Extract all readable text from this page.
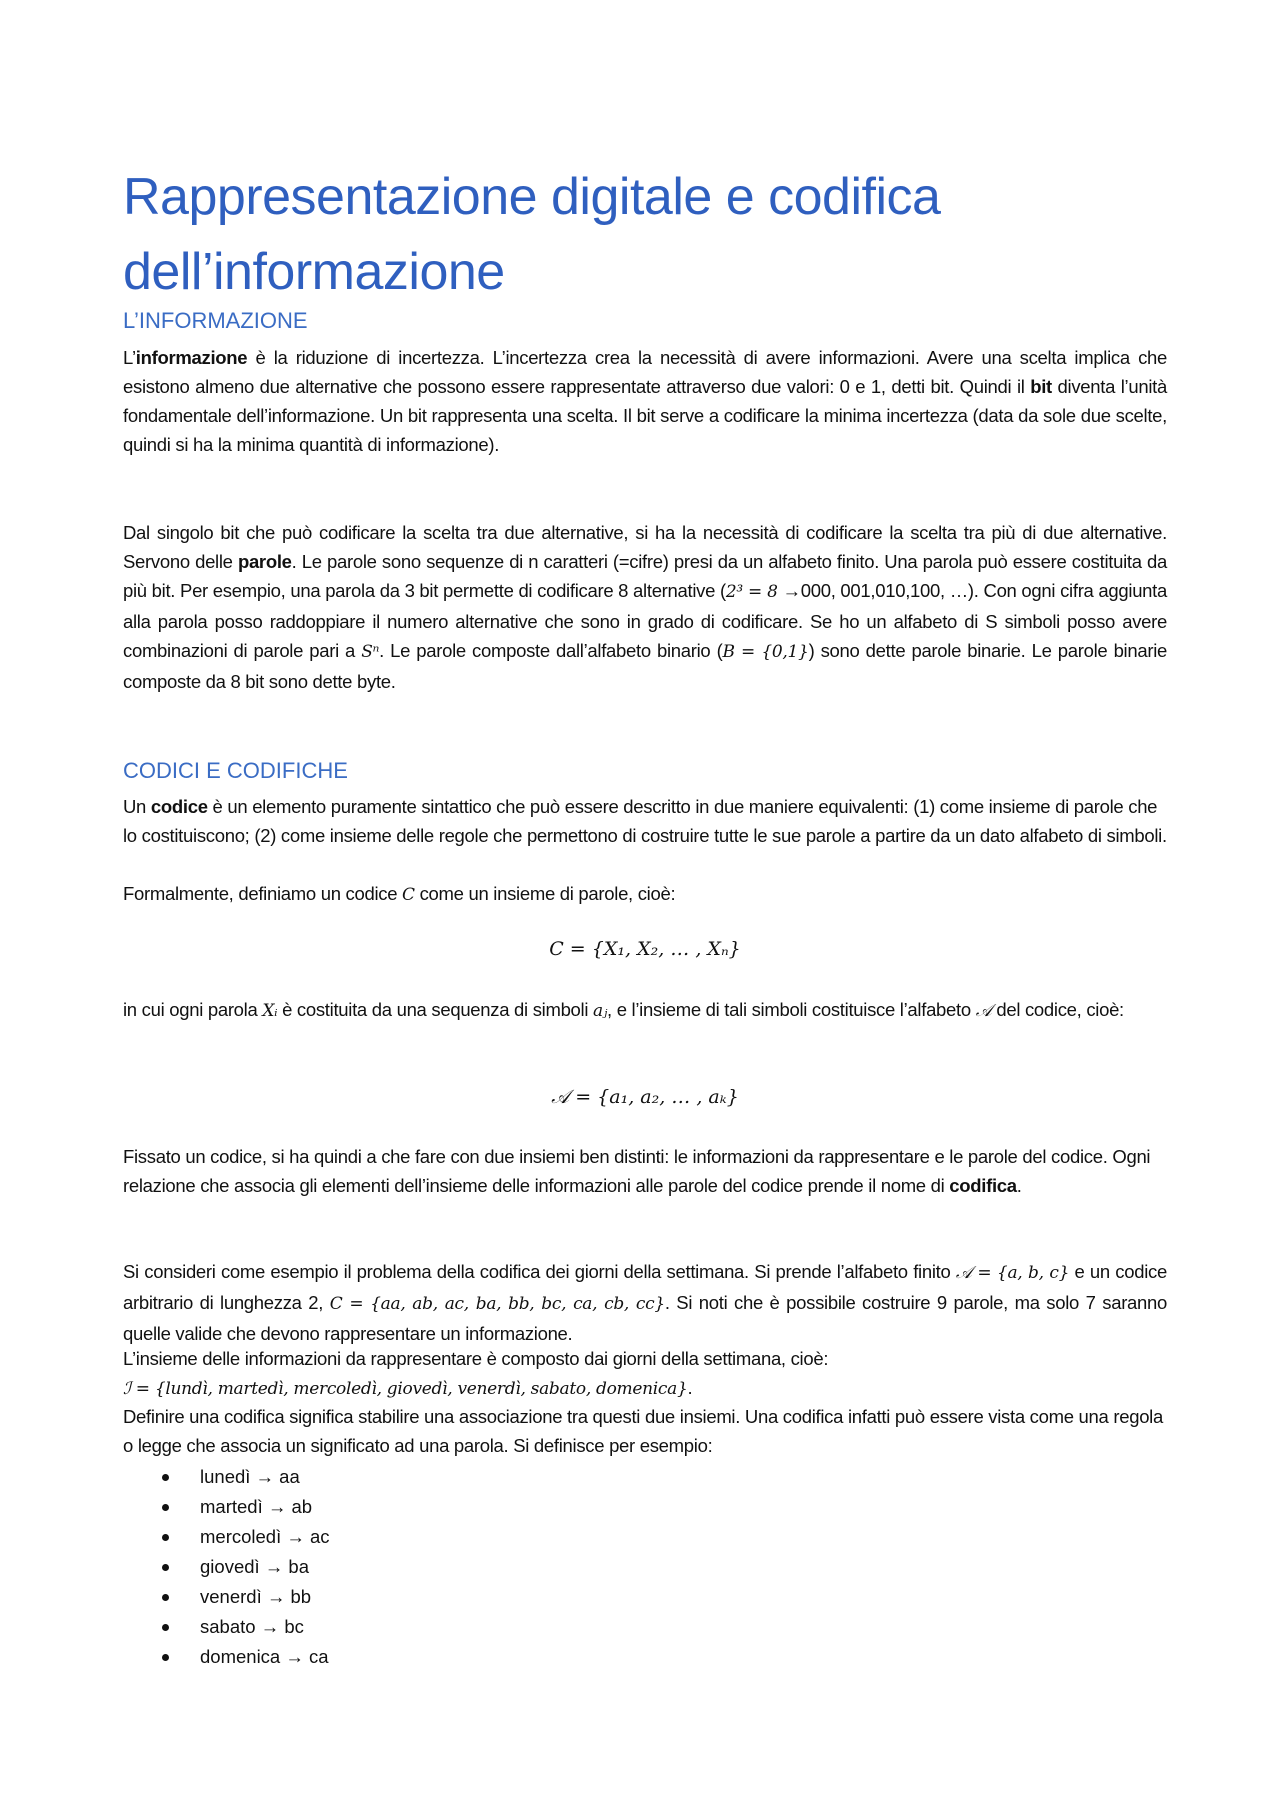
Rappresentazione digitale e codifica
dell’informazione
L’INFORMAZIONE

L’informazione è la riduzione di incertezza. L’incertezza crea la necessità di avere informazioni. Avere una scelta implica che esistono almeno due alternative che possono essere rappresentate attraverso due valori: 0 e 1, detti bit. Quindi il bit diventa l’unità fondamentale dell’informazione. Un bit rappresenta una scelta. Il bit serve a codificare la minima incertezza (data da sole due scelte, quindi si ha la minima quantità di informazione).

Dal singolo bit che può codificare la scelta tra due alternative, si ha la necessità di codificare la scelta tra più di due alternative. Servono delle parole. Le parole sono sequenze di n caratteri (=cifre) presi da un alfabeto finito. Una parola può essere costituita da più bit. Per esempio, una parola da 3 bit permette di codificare 8 alternative (2³ = 8 →000, 001,010,100, …). Con ogni cifra aggiunta alla parola posso raddoppiare il numero alternative che sono in grado di codificare. Se ho un alfabeto di S simboli posso avere combinazioni di parole pari a Sⁿ. Le parole composte dall’alfabeto binario (B = {0,1}) sono dette parole binarie. Le parole binarie composte da 8 bit sono dette byte.

CODICI E CODIFICHE

Un codice è un elemento puramente sintattico che può essere descritto in due maniere equivalenti: (1) come insieme di parole che lo costituiscono; (2) come insieme delle regole che permettono di costruire tutte le sue parole a partire da un dato alfabeto di simboli.

Formalmente, definiamo un codice C come un insieme di parole, cioè:

C = {X₁, X₂, … , Xₙ}

in cui ogni parola Xᵢ è costituita da una sequenza di simboli aⱼ, e l’insieme di tali simboli costituisce l’alfabeto 𝒜 del codice, cioè:

𝒜 = {a₁, a₂, … , aₖ}

Fissato un codice, si ha quindi a che fare con due insiemi ben distinti: le informazioni da rappresentare e le parole del codice. Ogni relazione che associa gli elementi dell’insieme delle informazioni alle parole del codice prende il nome di codifica.

Si consideri come esempio il problema della codifica dei giorni della settimana. Si prende l’alfabeto finito 𝒜 = {a, b, c} e un codice arbitrario di lunghezza 2, C = {aa, ab, ac, ba, bb, bc, ca, cb, cc}. Si noti che è possibile costruire 9 parole, ma solo 7 saranno quelle valide che devono rappresentare un informazione.

L’insieme delle informazioni da rappresentare è composto dai giorni della settimana, cioè:

ℐ = {lundì, martedì, mercoledì, giovedì, venerdì, sabato, domenica}.

Definire una codifica significa stabilire una associazione tra questi due insiemi. Una codifica infatti può essere vista come una regola o legge che associa un significato ad una parola. Si definisce per esempio:

lunedì → aa
martedì → ab
mercoledì → ac
giovedì → ba
venerdì → bb
sabato → bc
domenica → ca
